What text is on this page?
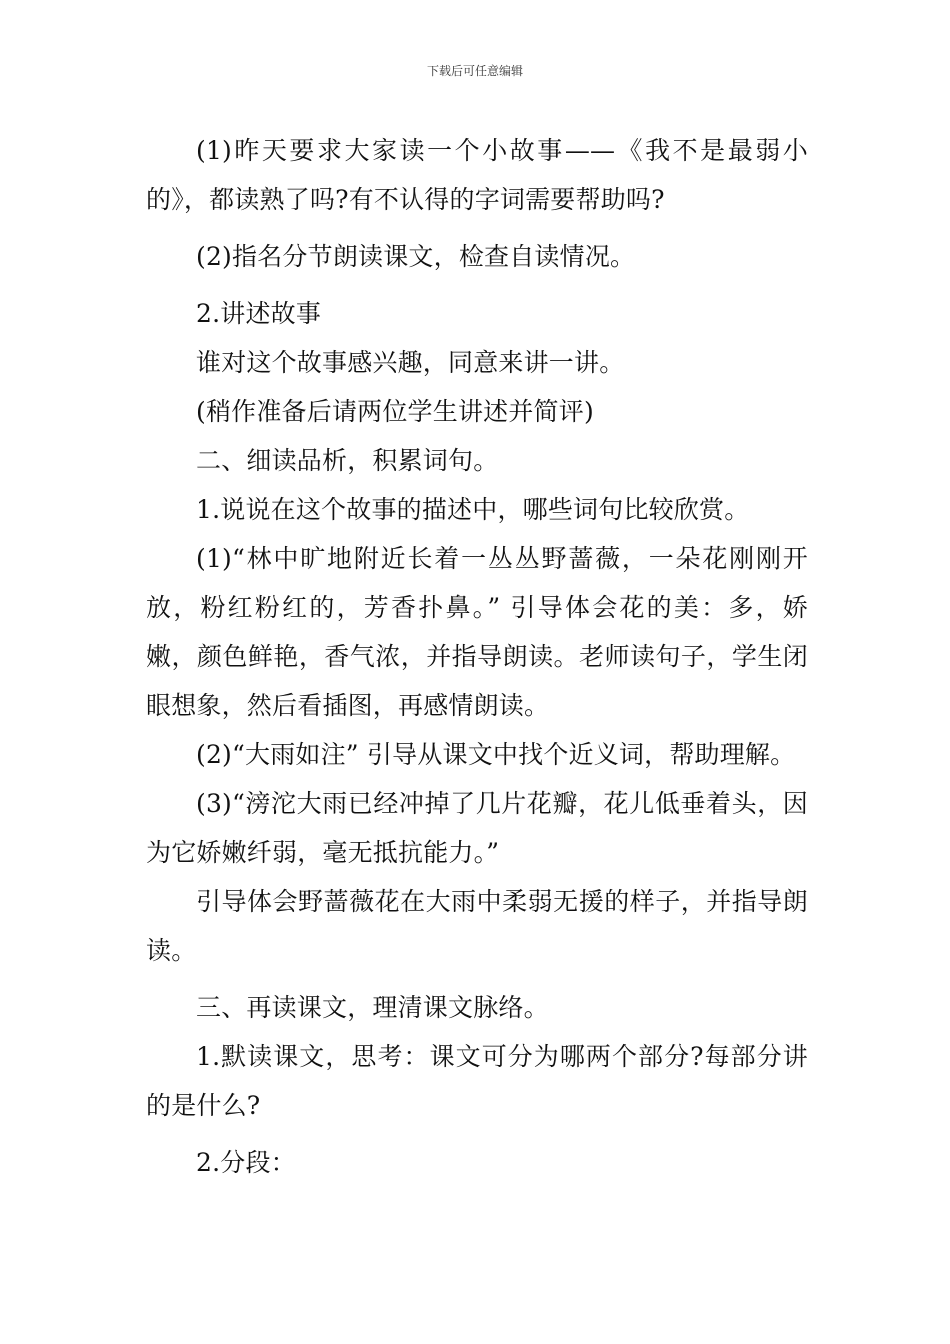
下载后可任意编辑

(1)昨天要求大家读一个小故事——《我不是最弱小的》，都读熟了吗?有不认得的字词需要帮助吗?

(2)指名分节朗读课文，检查自读情况。

2.讲述故事

谁对这个故事感兴趣，同意来讲一讲。

(稍作准备后请两位学生讲述并简评)

二、细读品析，积累词句。

1.说说在这个故事的描述中，哪些词句比较欣赏。

(1)“林中旷地附近长着一丛丛野蔷薇，一朵花刚刚开放，粉红粉红的，芳香扑鼻。” 引导体会花的美：多，娇嫩，颜色鲜艳，香气浓，并指导朗读。老师读句子，学生闭眼想象，然后看插图，再感情朗读。

(2)“大雨如注” 引导从课文中找个近义词，帮助理解。

(3)“滂沱大雨已经冲掉了几片花瓣，花儿低垂着头，因为它娇嫩纤弱，毫无抵抗能力。”

引导体会野蔷薇花在大雨中柔弱无援的样子，并指导朗读。

三、再读课文，理清课文脉络。

1.默读课文，思考：课文可分为哪两个部分?每部分讲的是什么?

2.分段：
